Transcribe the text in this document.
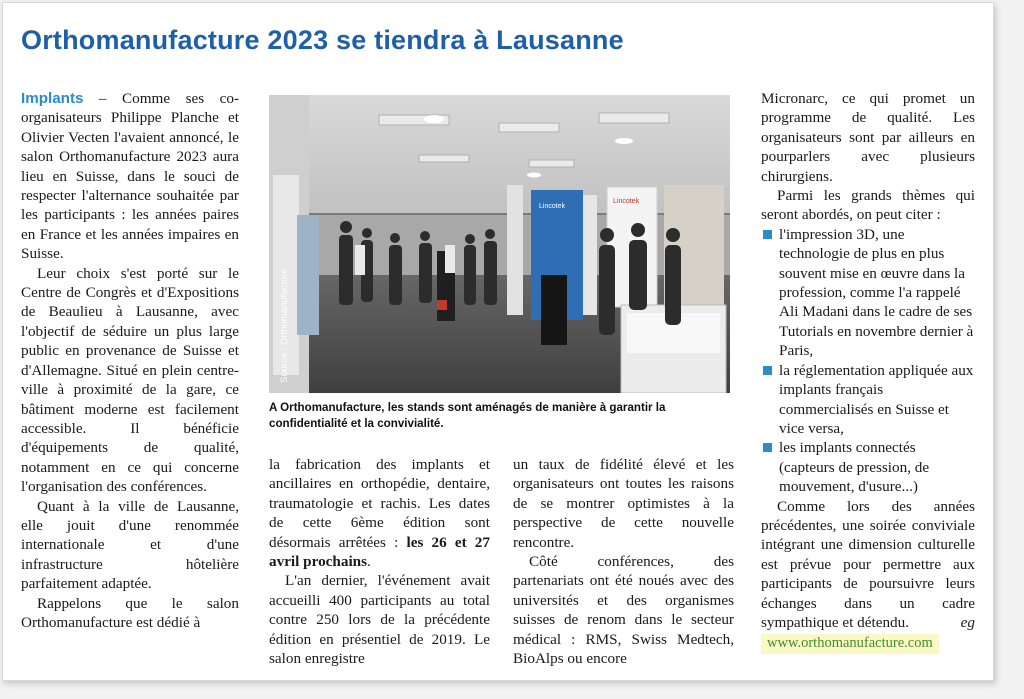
Orthomanufacture 2023 se tiendra à Lausanne

Implants – Comme ses co-organisateurs Philippe Planche et Olivier Vecten l'avaient annoncé, le salon Orthomanufacture 2023 aura lieu en Suisse, dans le souci de respecter l'alternance souhaitée par les participants : les années paires en France et les années impaires en Suisse.

Leur choix s'est porté sur le Centre de Congrès et d'Expositions de Beaulieu à Lausanne, avec l'objectif de séduire un plus large public en provenance de Suisse et d'Allemagne. Situé en plein centre-ville à proximité de la gare, ce bâtiment moderne est facilement accessible. Il bénéficie d'équipements de qualité, notamment en ce qui concerne l'organisation des conférences.

Quant à la ville de Lausanne, elle jouit d'une renommée internationale et d'une infrastructure hôtelière parfaitement adaptée.

Rappelons que le salon Orthomanufacture est dédié à

Lincotek
Lincotek
Source : Orthomanufacture
A Orthomanufacture, les stands sont aménagés de manière à garantir la confidentialité et la convivialité.

la fabrication des implants et ancillaires en orthopédie, dentaire, traumatologie et rachis. Les dates de cette 6ème édition sont désormais arrêtées : les 26 et 27 avril prochains.

L'an dernier, l'événement avait accueilli 400 participants au total contre 250 lors de la précédente édition en présentiel de 2019. Le salon enregistre

un taux de fidélité élevé et les organisateurs ont toutes les raisons de se montrer optimistes à la perspective de cette nouvelle rencontre.

Côté conférences, des partenariats ont été noués avec des universités et des organismes suisses de renom dans le secteur médical : RMS, Swiss Medtech, BioAlps ou encore

Micronarc, ce qui promet un programme de qualité. Les organisateurs sont par ailleurs en pourparlers avec plusieurs chirurgiens.

Parmi les grands thèmes qui seront abordés, on peut citer :

l'impression 3D, une technologie de plus en plus souvent mise en œuvre dans la profession, comme l'a rappelé Ali Madani dans le cadre de ses Tutorials en novembre dernier à Paris,

la réglementation appliquée aux implants français commercialisés en Suisse et vice versa,

les implants connectés (capteurs de pression, de mouvement, d'usure...)

Comme lors des années précédentes, une soirée conviviale intégrant une dimension culturelle est prévue pour permettre aux participants de poursuivre leurs échanges dans un cadre sympathique et détendu.	eg

www.orthomanufacture.com
